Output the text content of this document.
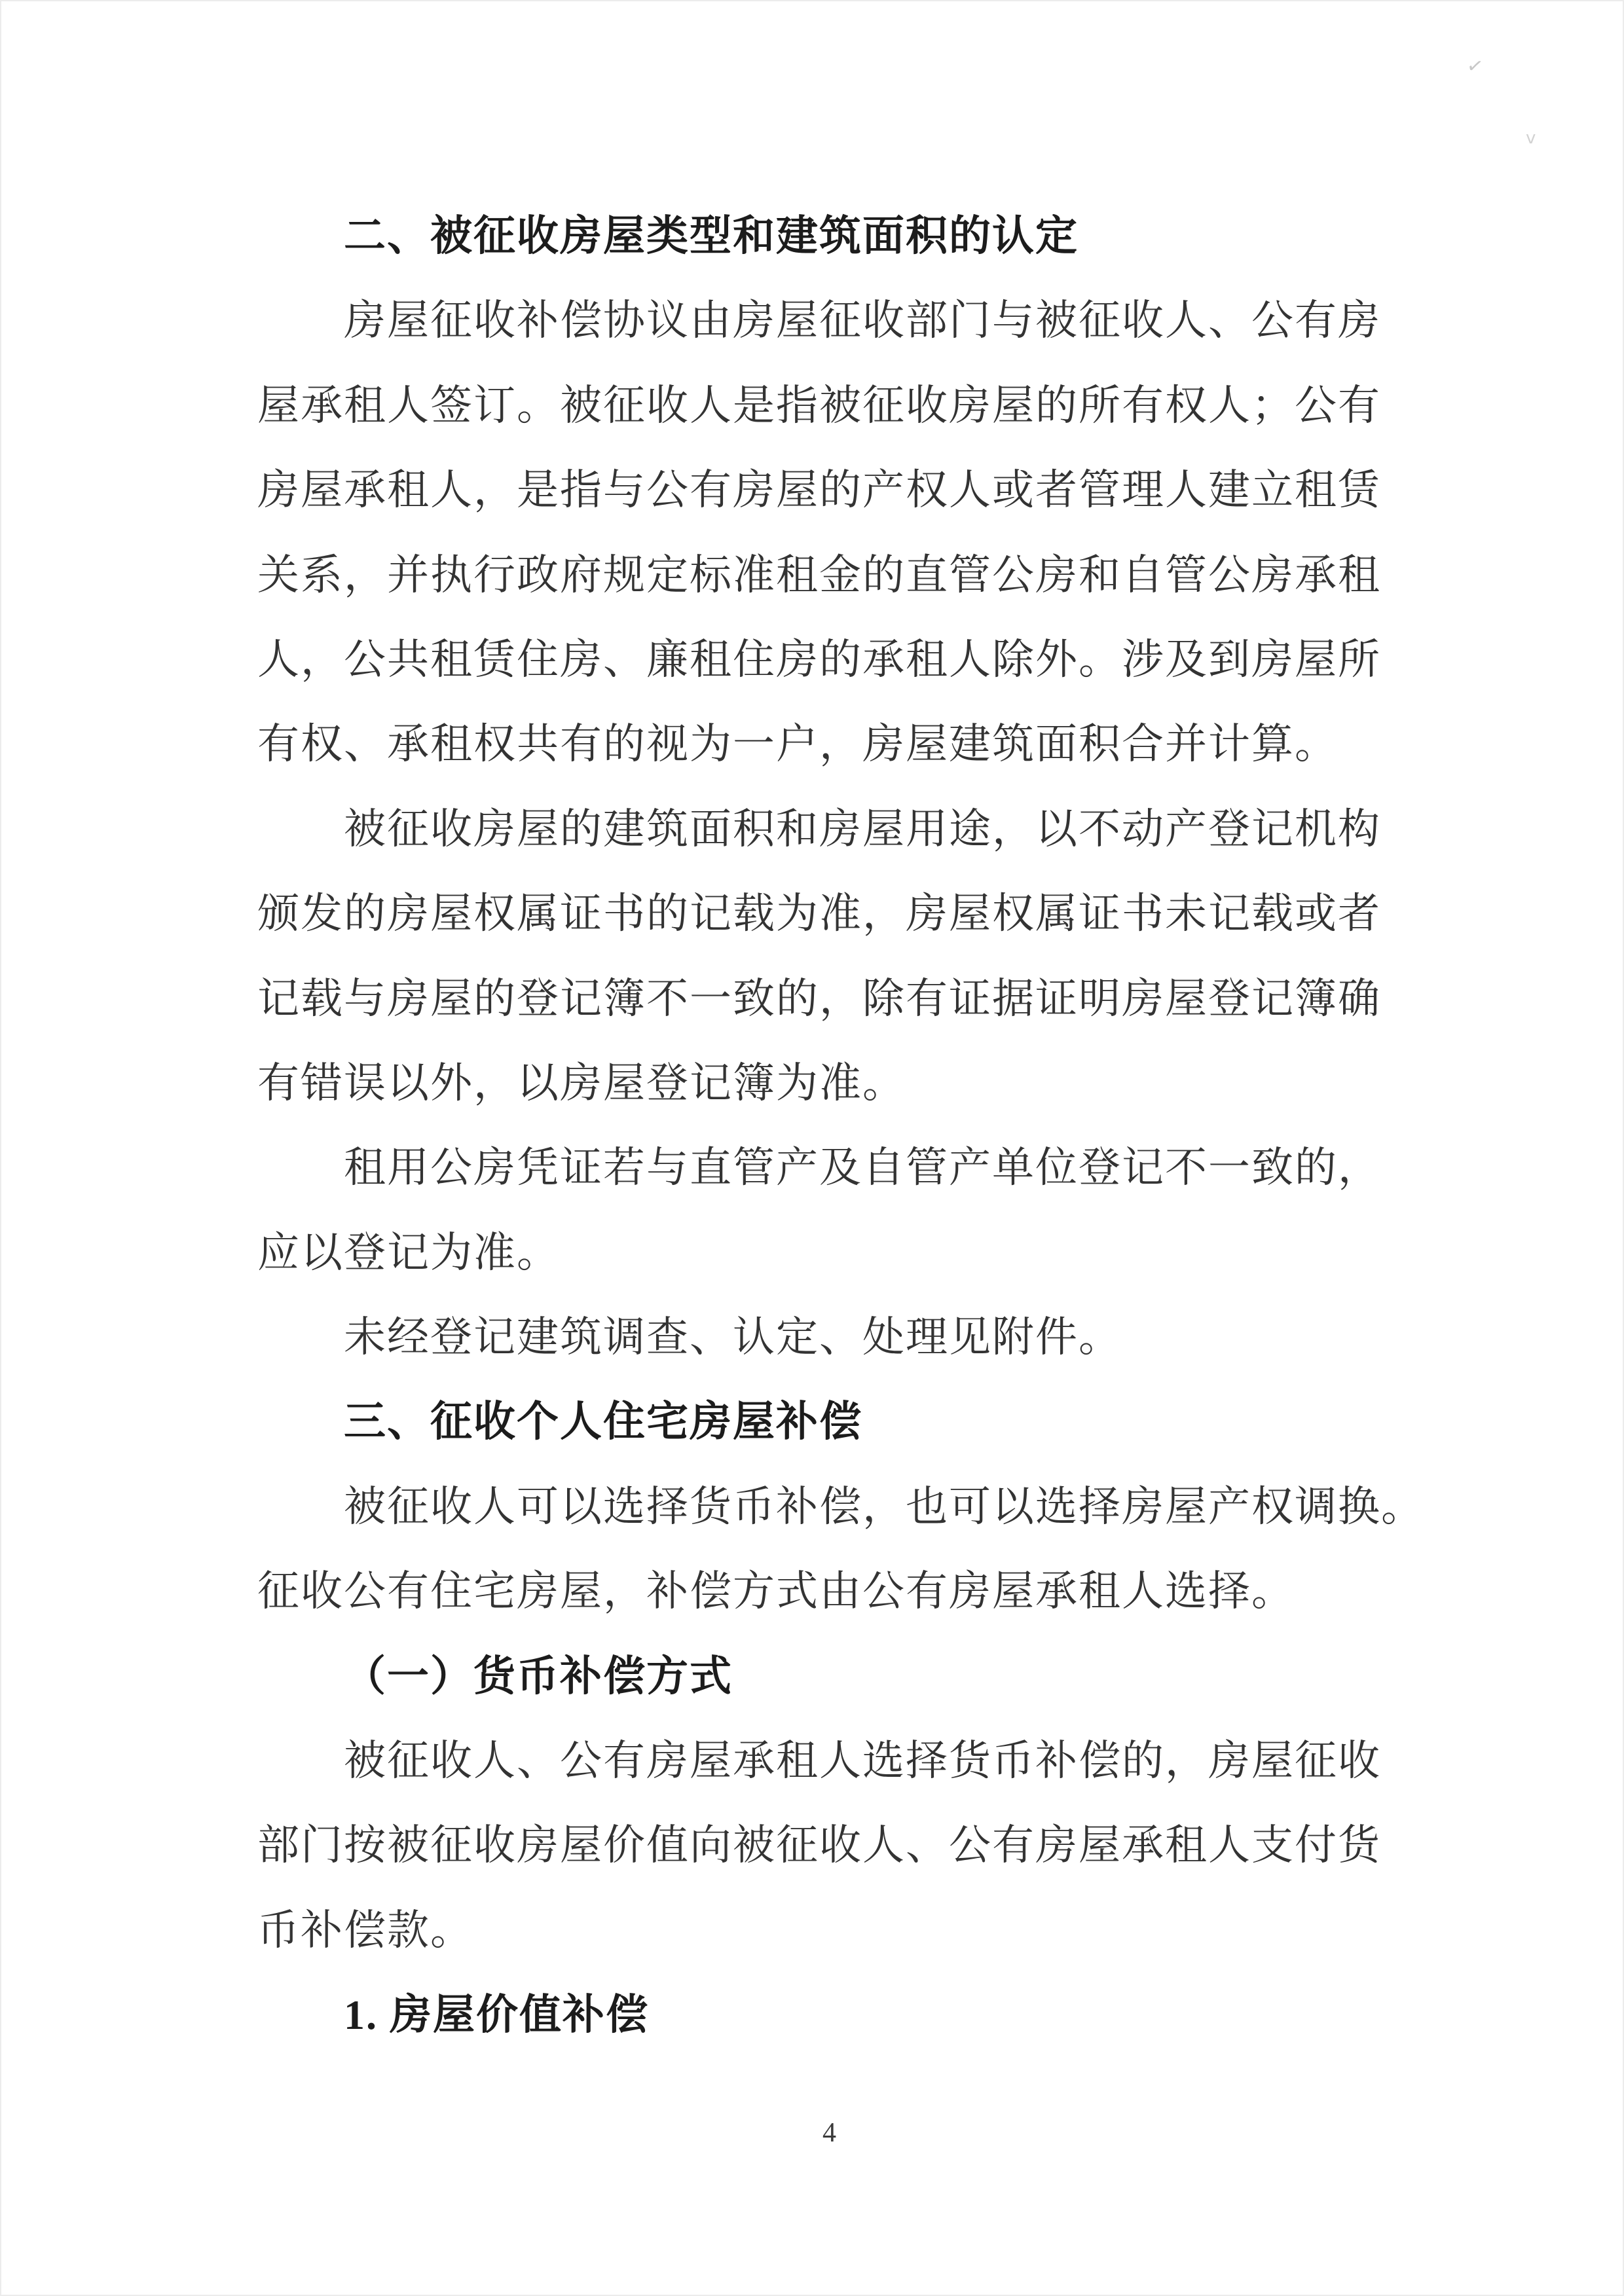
二、被征收房屋类型和建筑面积的认定
房屋征收补偿协议由房屋征收部门与被征收人、公有房
屋承租人签订。被征收人是指被征收房屋的所有权人；公有
房屋承租人，是指与公有房屋的产权人或者管理人建立租赁
关系，并执行政府规定标准租金的直管公房和自管公房承租
人，公共租赁住房、廉租住房的承租人除外。涉及到房屋所
有权、承租权共有的视为一户，房屋建筑面积合并计算。
被征收房屋的建筑面积和房屋用途，以不动产登记机构
颁发的房屋权属证书的记载为准，房屋权属证书未记载或者
记载与房屋的登记簿不一致的，除有证据证明房屋登记簿确
有错误以外，以房屋登记簿为准。
租用公房凭证若与直管产及自管产单位登记不一致的，
应以登记为准。
未经登记建筑调查、认定、处理见附件。
三、征收个人住宅房屋补偿
被征收人可以选择货币补偿，也可以选择房屋产权调换。
征收公有住宅房屋，补偿方式由公有房屋承租人选择。
（一）货币补偿方式
被征收人、公有房屋承租人选择货币补偿的，房屋征收
部门按被征收房屋价值向被征收人、公有房屋承租人支付货
币补偿款。
1. 房屋价值补偿
4
✓
v
